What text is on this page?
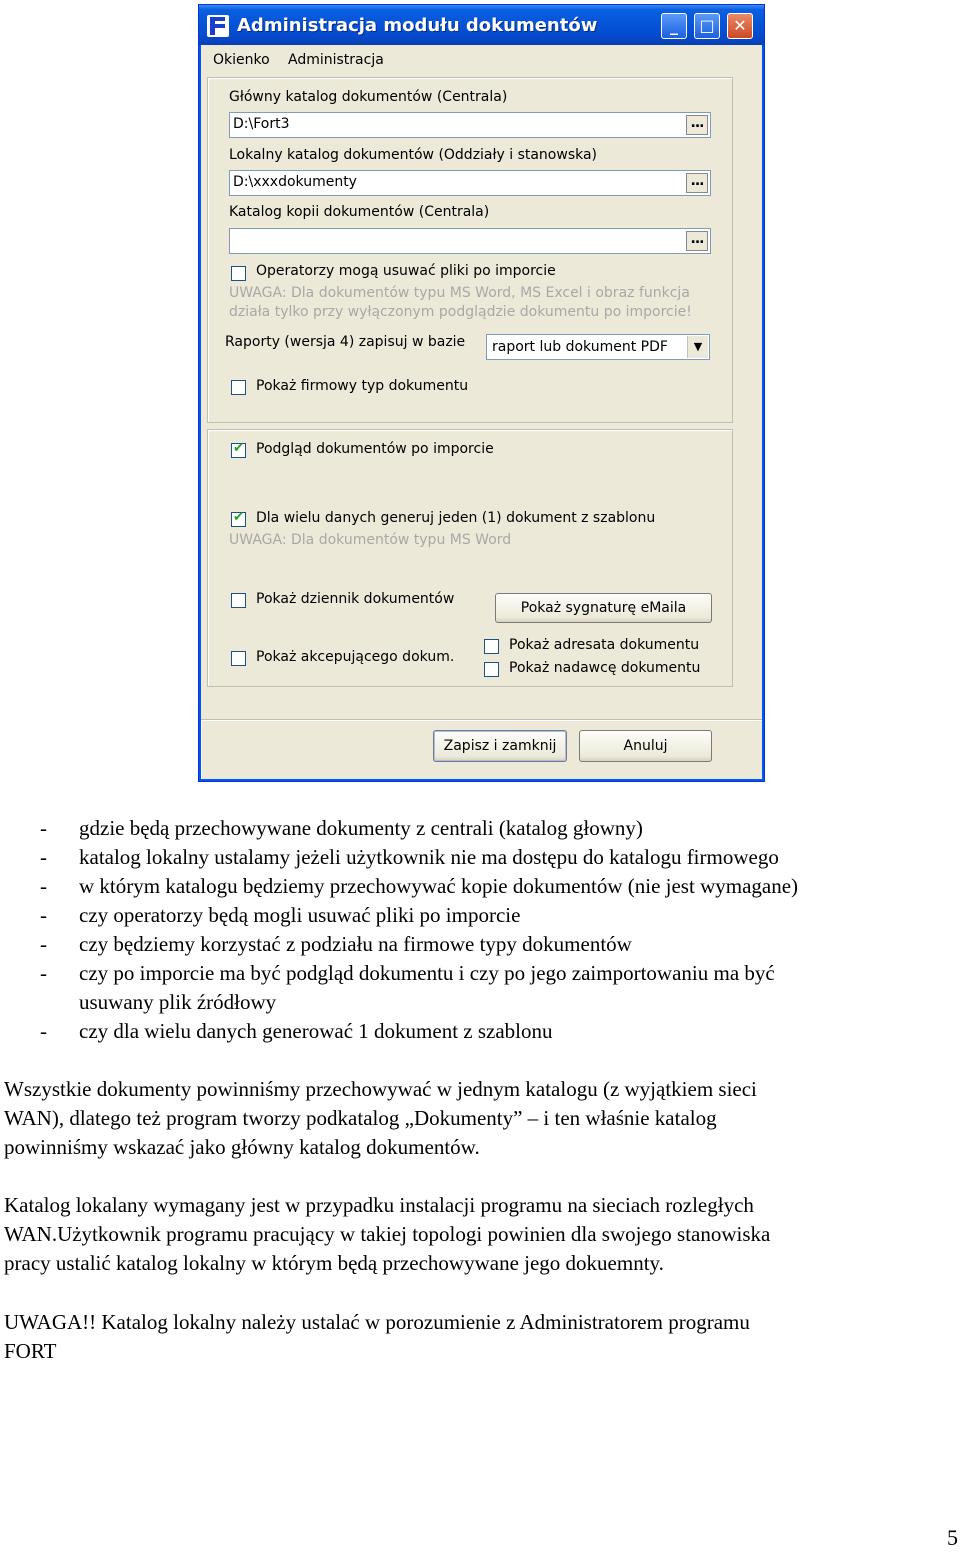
Administracja modułu dokumentów	_	□	✕
Okienko Administracja
Główny katalog dokumentów (Centrala)
D:\Fort3
...
Lokalny katalog dokumentów (Oddziały i stanowska)
D:\xxxdokumenty
...
Katalog kopii dokumentów (Centrala)
...
Operatorzy mogą usuwać pliki po imporcie
UWAGA: Dla dokumentów typu MS Word, MS Excel i obraz funkcja
działa tylko przy wyłączonym podglądzie dokumentu po imporcie!
Raporty (wersja 4) zapisuj w bazie raport lub dokument PDF	▼
Pokaż firmowy typ dokumentu
✔
Podgląd dokumentów po imporcie
✔
Dla wielu danych generuj jeden (1) dokument z szablonu
UWAGA: Dla dokumentów typu MS Word
Pokaż dziennik dokumentów
Pokaż sygnaturę eMaila
Pokaż akcepującego dokum.
Pokaż adresata dokumentu
Pokaż nadawcę dokumentu
Zapisz i zamknij	Anuluj
- gdzie będą przechowywane dokumenty z centrali (katalog głowny)
- katalog lokalny ustalamy jeżeli użytkownik nie ma dostępu do katalogu firmowego
- w którym katalogu będziemy przechowywać kopie dokumentów (nie jest wymagane)
- czy operatorzy będą mogli usuwać pliki po imporcie
- czy będziemy korzystać z podziału na firmowe typy dokumentów
- czy po imporcie ma być podgląd dokumentu i czy po jego zaimportowaniu ma być
usuwany plik źródłowy
- czy dla wielu danych generować 1 dokument z szablonu
Wszystkie dokumenty powinniśmy przechowywać w jednym katalogu (z wyjątkiem sieci
WAN), dlatego też program tworzy podkatalog „Dokumenty” – i ten właśnie katalog
powinniśmy wskazać jako główny katalog dokumentów.
Katalog lokalany wymagany jest w przypadku instalacji programu na sieciach rozległych
WAN.Użytkownik programu pracujący w takiej topologi powinien dla swojego stanowiska
pracy ustalić katalog lokalny w którym będą przechowywane jego dokuemnty.
UWAGA!! Katalog lokalny należy ustalać w porozumienie z Administratorem programu
FORT
5
